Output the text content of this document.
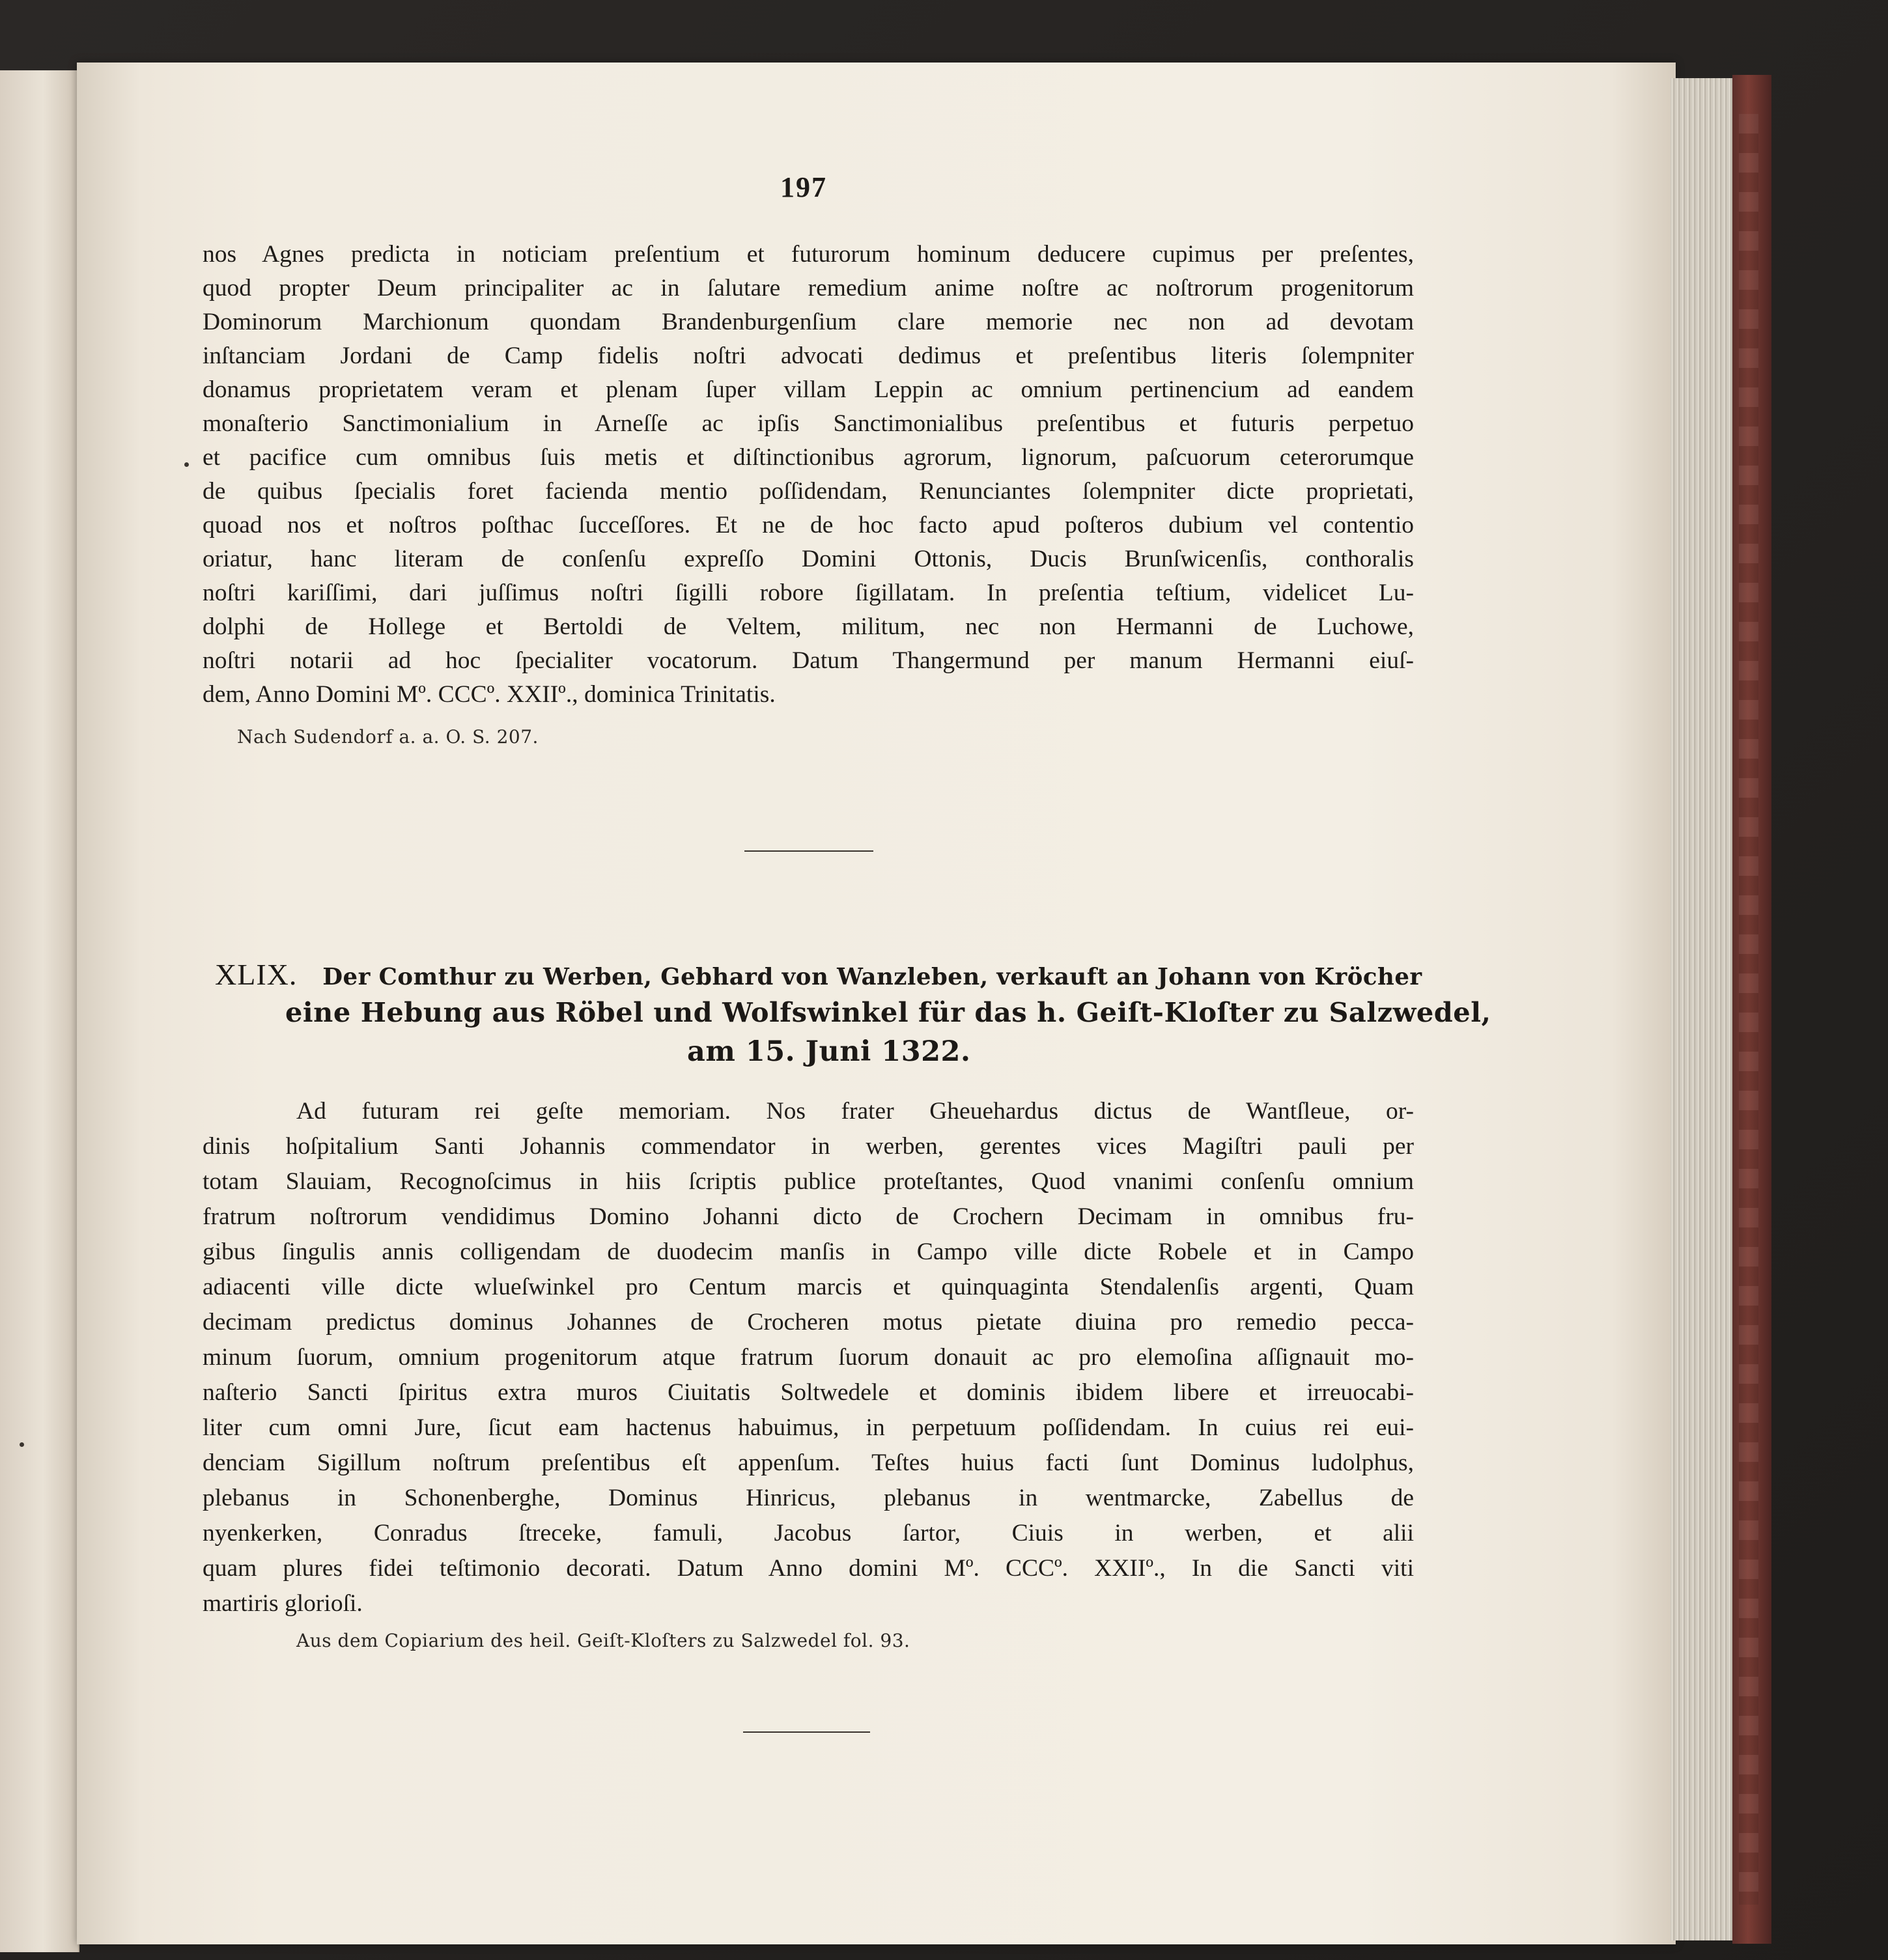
197
nos Agnes predicta in noticiam preſentium et futurorum hominum deducere cupimus per preſentes,
quod propter Deum principaliter ac in ſalutare remedium anime noſtre ac noſtrorum progenitorum
Dominorum Marchionum quondam Brandenburgenſium clare memorie nec non ad devotam
inſtanciam Jordani de Camp fidelis noſtri advocati dedimus et preſentibus literis ſolempniter
donamus proprietatem veram et plenam ſuper villam Leppin ac omnium pertinencium ad eandem
monaſterio Sanctimonialium in Arneſſe ac ipſis Sanctimonialibus preſentibus et futuris perpetuo
et pacifice cum omnibus ſuis metis et diſtinctionibus agrorum, lignorum, paſcuorum ceterorumque
de quibus ſpecialis foret facienda mentio poſſidendam, Renunciantes ſolempniter dicte proprietati,
quoad nos et noſtros poſthac ſucceſſores. Et ne de hoc facto apud poſteros dubium vel contentio
oriatur, hanc literam de conſenſu expreſſo Domini Ottonis, Ducis Brunſwicenſis, conthoralis
noſtri kariſſimi, dari juſſimus noſtri ſigilli robore ſigillatam. In preſentia teſtium, videlicet Lu-
dolphi de Hollege et Bertoldi de Veltem, militum, nec non Hermanni de Luchowe,
noſtri notarii ad hoc ſpecialiter vocatorum. Datum Thangermund per manum Hermanni eiuſ-
dem, Anno Domini Mº. CCCº. XXIIº., dominica Trinitatis.
Nach Sudendorf a. a. O. S. 207.
XLIX. Der Comthur zu Werben, Gebhard von Wanzleben, verkauft an Johann von Kröcher
eine Hebung aus Röbel und Wolfswinkel für das h. Geiſt-Kloſter zu Salzwedel,
am 15. Juni 1322.
Ad futuram rei geſte memoriam. Nos frater Gheuehardus dictus de Wantſleue, or-
dinis hoſpitalium Santi Johannis commendator in werben, gerentes vices Magiſtri pauli per
totam Slauiam, Recognoſcimus in hiis ſcriptis publice proteſtantes, Quod vnanimi conſenſu omnium
fratrum noſtrorum vendidimus Domino Johanni dicto de Crochern Decimam in omnibus fru-
gibus ſingulis annis colligendam de duodecim manſis in Campo ville dicte Robele et in Campo
adiacenti ville dicte wlueſwinkel pro Centum marcis et quinquaginta Stendalenſis argenti, Quam
decimam predictus dominus Johannes de Crocheren motus pietate diuina pro remedio pecca-
minum ſuorum, omnium progenitorum atque fratrum ſuorum donauit ac pro elemoſina aſſignauit mo-
naſterio Sancti ſpiritus extra muros Ciuitatis Soltwedele et dominis ibidem libere et irreuocabi-
liter cum omni Jure, ſicut eam hactenus habuimus, in perpetuum poſſidendam. In cuius rei eui-
denciam Sigillum noſtrum preſentibus eſt appenſum. Teſtes huius facti ſunt Dominus ludolphus,
plebanus in Schonenberghe, Dominus Hinricus, plebanus in wentmarcke, Zabellus de
nyenkerken, Conradus ſtreceke, famuli, Jacobus ſartor, Ciuis in werben, et alii
quam plures fidei teſtimonio decorati. Datum Anno domini Mº. CCCº. XXIIº., In die Sancti viti
martiris glorioſi.
Aus dem Copiarium des heil. Geiſt-Kloſters zu Salzwedel fol. 93.
